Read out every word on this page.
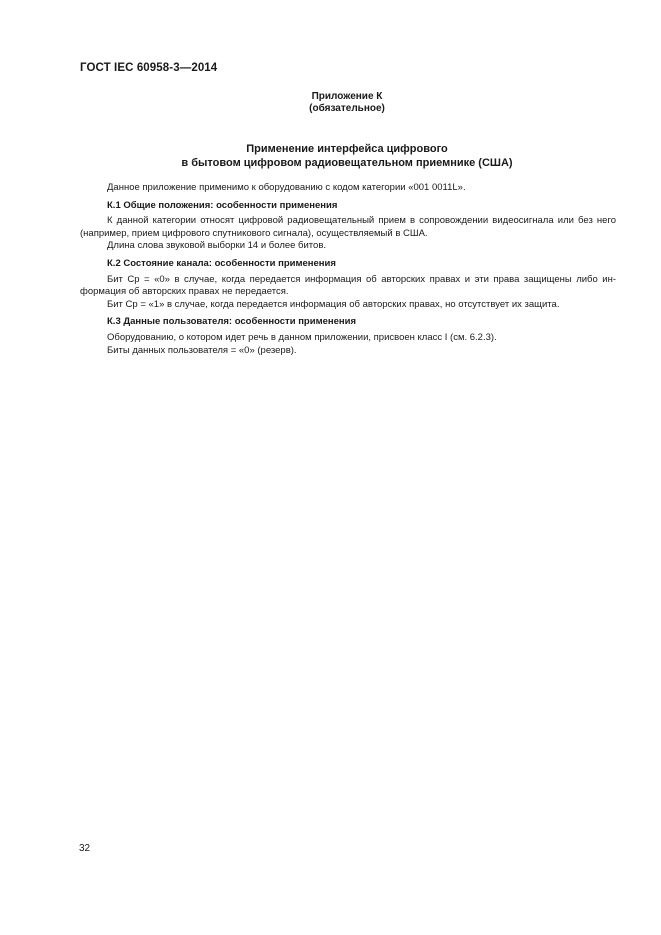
ГОСТ IEC 60958-3—2014
Приложение К
(обязательное)
Применение интерфейса цифрового
в бытовом цифровом радиовещательном приемнике (США)

Данное приложение применимо к оборудованию с кодом категории «001 0011L».

К.1 Общие положения: особенности применения

К данной категории относят цифровой радиовещательный прием в сопровождении видеосигнала или без него (например, прием цифрового спутникового сигнала), осуществляемый в США.

Длина слова звуковой выборки 14 и более битов.

К.2 Состояние канала: особенности применения

Бит Cp = «0» в случае, когда передается информация об авторских правах и эти права защищены либо ин-формация об авторских правах не передается.

Бит Cp = «1» в случае, когда передается информация об авторских правах, но отсутствует их защита.

К.3 Данные пользователя: особенности применения

Оборудованию, о котором идет речь в данном приложении, присвоен класс I (см. 6.2.3).

Биты данных пользователя = «0» (резерв).

32
